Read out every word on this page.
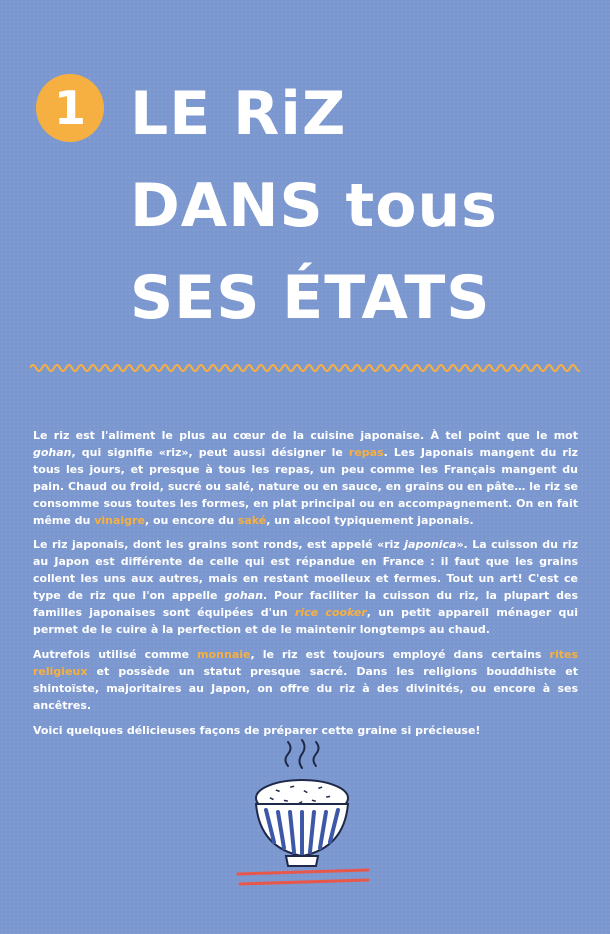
1 LE RiZ
DANS tous
SES ÉTATS

Le riz est l'aliment le plus au cœur de la cuisine japonaise. À tel point que le mot gohan, qui signifie «riz», peut aussi désigner le repas. Les Japonais mangent du riz tous les jours, et presque à tous les repas, un peu comme les Français mangent du pain. Chaud ou froid, sucré ou salé, nature ou en sauce, en grains ou en pâte… le riz se consomme sous toutes les formes, en plat principal ou en accompagnement. On en fait même du vinaigre, ou encore du saké, un alcool typiquement japonais.

Le riz japonais, dont les grains sont ronds, est appelé «riz japonica». La cuisson du riz au Japon est différente de celle qui est répandue en France : il faut que les grains collent les uns aux autres, mais en restant moelleux et fermes. Tout un art! C'est ce type de riz que l'on appelle gohan. Pour faciliter la cuisson du riz, la plupart des familles japonaises sont équipées d'un rice cooker, un petit appareil ménager qui permet de le cuire à la perfection et de le maintenir longtemps au chaud.

Autrefois utilisé comme monnaie, le riz est toujours employé dans certains rites religieux et possède un statut presque sacré. Dans les religions bouddhiste et shintoïste, majoritaires au Japon, on offre du riz à des divinités, ou encore à ses ancêtres.

Voici quelques délicieuses façons de préparer cette graine si précieuse!
